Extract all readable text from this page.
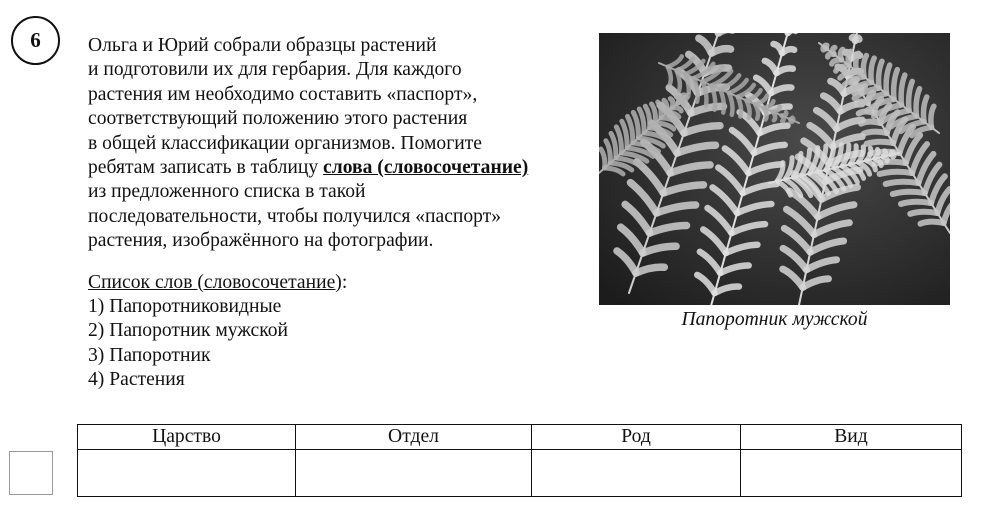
6 Ольга и Юрий собрали образцы растений
и подготовили их для гербария. Для каждого
растения им необходимо составить «паспорт»,
соответствующий положению этого растения
в общей классификации организмов. Помогите
ребятам записать в таблицу слова (словосочетание)
из предложенного списка в такой
последовательности, чтобы получился «паспорт»
растения, изображённого на фотографии.
Список слов (словосочетание):
1) Папоротниковидные
2) Папоротник мужской
3) Папоротник
4) Растения
Папоротник мужской
Царство	Отдел	Род	Вид
